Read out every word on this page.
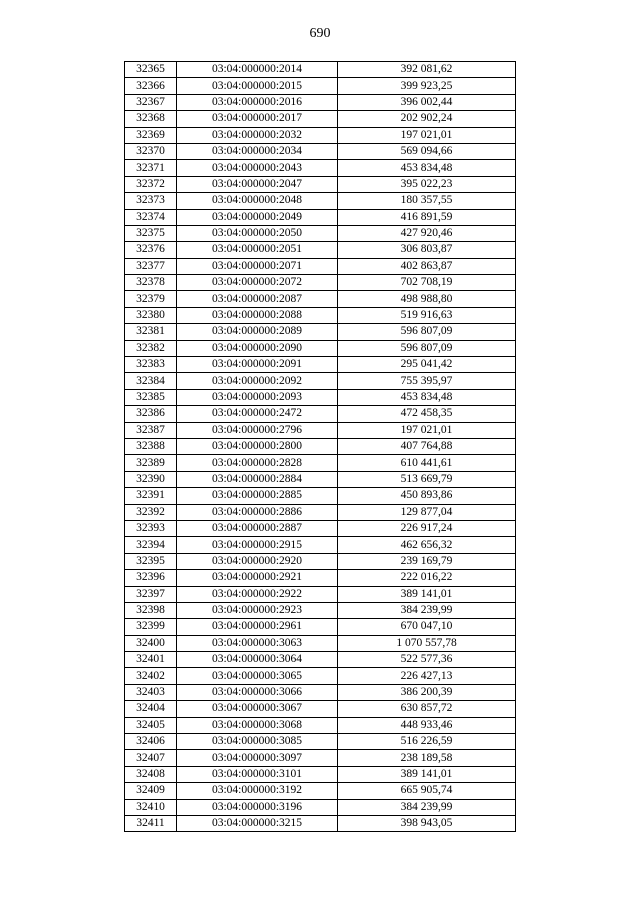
690
32365	03:04:000000:2014	392 081,62
32366	03:04:000000:2015	399 923,25
32367	03:04:000000:2016	396 002,44
32368	03:04:000000:2017	202 902,24
32369	03:04:000000:2032	197 021,01
32370	03:04:000000:2034	569 094,66
32371	03:04:000000:2043	453 834,48
32372	03:04:000000:2047	395 022,23
32373	03:04:000000:2048	180 357,55
32374	03:04:000000:2049	416 891,59
32375	03:04:000000:2050	427 920,46
32376	03:04:000000:2051	306 803,87
32377	03:04:000000:2071	402 863,87
32378	03:04:000000:2072	702 708,19
32379	03:04:000000:2087	498 988,80
32380	03:04:000000:2088	519 916,63
32381	03:04:000000:2089	596 807,09
32382	03:04:000000:2090	596 807,09
32383	03:04:000000:2091	295 041,42
32384	03:04:000000:2092	755 395,97
32385	03:04:000000:2093	453 834,48
32386	03:04:000000:2472	472 458,35
32387	03:04:000000:2796	197 021,01
32388	03:04:000000:2800	407 764,88
32389	03:04:000000:2828	610 441,61
32390	03:04:000000:2884	513 669,79
32391	03:04:000000:2885	450 893,86
32392	03:04:000000:2886	129 877,04
32393	03:04:000000:2887	226 917,24
32394	03:04:000000:2915	462 656,32
32395	03:04:000000:2920	239 169,79
32396	03:04:000000:2921	222 016,22
32397	03:04:000000:2922	389 141,01
32398	03:04:000000:2923	384 239,99
32399	03:04:000000:2961	670 047,10
32400	03:04:000000:3063	1 070 557,78
32401	03:04:000000:3064	522 577,36
32402	03:04:000000:3065	226 427,13
32403	03:04:000000:3066	386 200,39
32404	03:04:000000:3067	630 857,72
32405	03:04:000000:3068	448 933,46
32406	03:04:000000:3085	516 226,59
32407	03:04:000000:3097	238 189,58
32408	03:04:000000:3101	389 141,01
32409	03:04:000000:3192	665 905,74
32410	03:04:000000:3196	384 239,99
32411	03:04:000000:3215	398 943,05
